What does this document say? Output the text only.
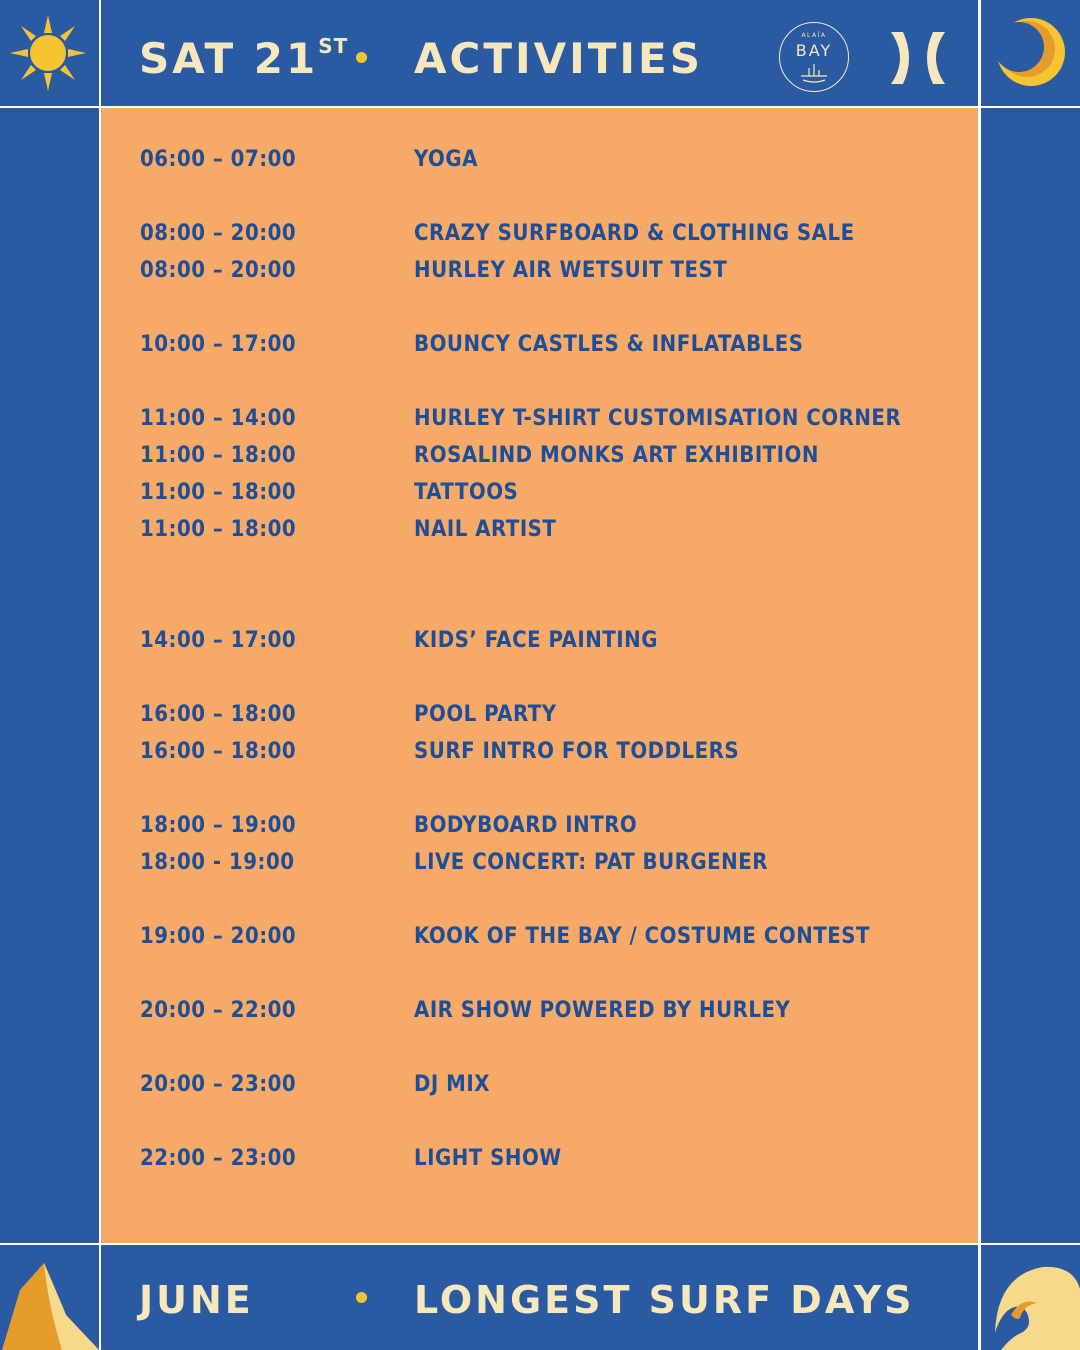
SAT 21ST ACTIVITIES	ALAÏA
BAY
JUNE	LONGEST SURF DAYS
06:00 – 07:00	YOGA
08:00 – 20:00	CRAZY SURFBOARD & CLOTHING SALE
08:00 – 20:00	HURLEY AIR WETSUIT TEST
10:00 – 17:00	BOUNCY CASTLES & INFLATABLES
11:00 – 14:00	HURLEY T-SHIRT CUSTOMISATION CORNER
11:00 – 18:00	ROSALIND MONKS ART EXHIBITION
11:00 – 18:00	TATTOOS
11:00 – 18:00	NAIL ARTIST
14:00 – 17:00	KIDS’ FACE PAINTING
16:00 – 18:00	POOL PARTY
16:00 – 18:00	SURF INTRO FOR TODDLERS
18:00 – 19:00	BODYBOARD INTRO
18:00 - 19:00	LIVE CONCERT: PAT BURGENER
19:00 – 20:00	KOOK OF THE BAY / COSTUME CONTEST
20:00 – 22:00	AIR SHOW POWERED BY HURLEY
20:00 – 23:00	DJ MIX
22:00 – 23:00	LIGHT SHOW
